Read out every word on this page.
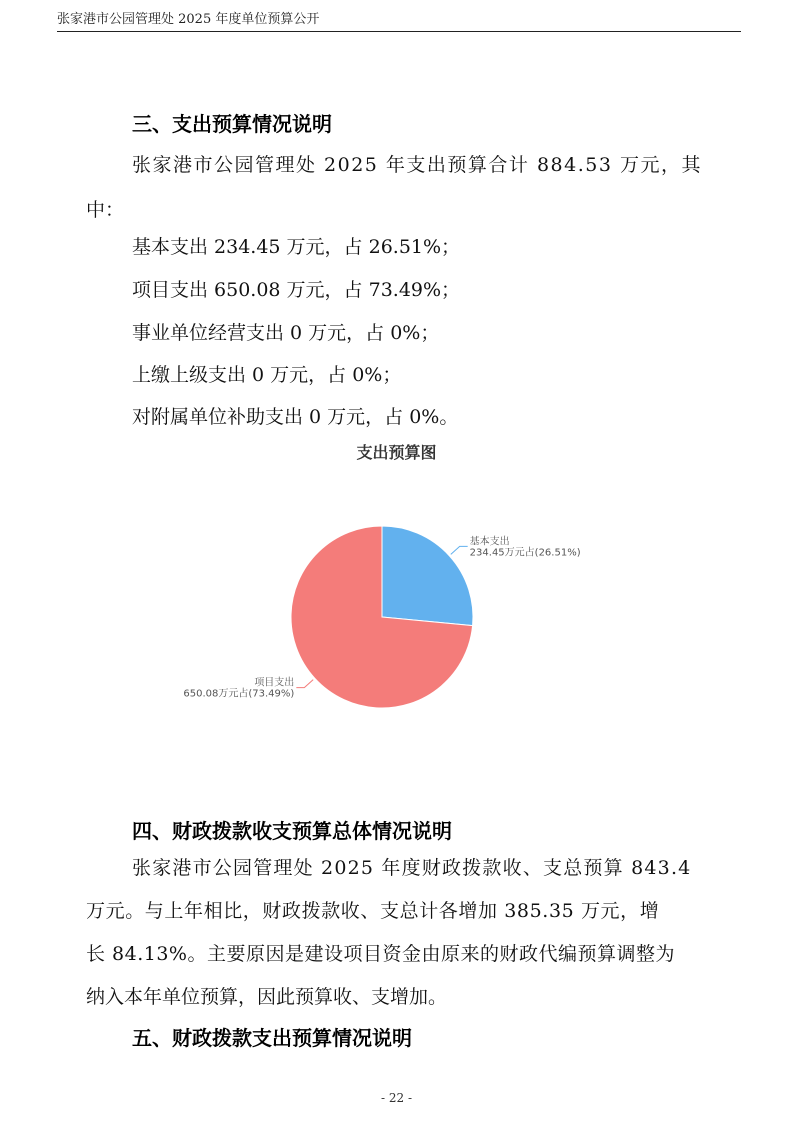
张家港市公园管理处 2025 年度单位预算公开
三、支出预算情况说明
张家港市公园管理处 2025 年支出预算合计 884.53 万元，其
中：
基本支出 234.45 万元，占 26.51%；
项目支出 650.08 万元，占 73.49%；
事业单位经营支出 0 万元，占 0%；
上缴上级支出 0 万元，占 0%；
对附属单位补助支出 0 万元，占 0%。
支出预算图
基本支出
234.45万元占(26.51%)
项目支出
650.08万元占(73.49%)
四、财政拨款收支预算总体情况说明
张家港市公园管理处 2025 年度财政拨款收、支总预算 843.4
万元。与上年相比，财政拨款收、支总计各增加 385.35 万元，增
长 84.13%。主要原因是建设项目资金由原来的财政代编预算调整为
纳入本年单位预算，因此预算收、支增加。
五、财政拨款支出预算情况说明
- 22 -
